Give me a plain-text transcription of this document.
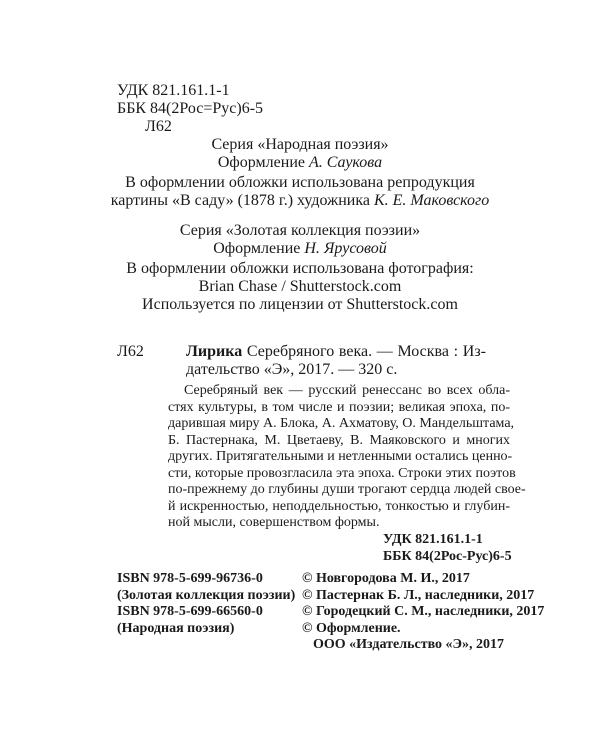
УДК 821.161.1-1
ББК 84(2Рос=Рус)6-5
Л62
Серия «Народная поэзия»
Оформление А. Саукова
В оформлении обложки использована репродукция
картины «В саду» (1878 г.) художника К. Е. Маковского
Серия «Золотая коллекция поэзии»
Оформление Н. Ярусовой
В оформлении обложки использована фотография:
Brian Chase / Shutterstock.com
Используется по лицензии от Shutterstock.com
Л62	Лирика Серебряного века. — Москва : Из-
дательство «Э», 2017. — 320 с.
Серебряный век — русский ренессанс во всех обла-
стях культуры, в том числе и поэзии; великая эпоха, по-
дарившая миру А. Блока, А. Ахматову, О. Мандельштама,
Б. Пастернака, М. Цветаеву, В. Маяковского и многих
других. Притягательными и нетленными остались ценно-
сти, которые провозгласила эта эпоха. Строки этих поэтов
по-прежнему до глубины души трогают сердца людей свое-
й искренностью, неподдельностью, тонкостью и глубин-
ной мысли, совершенством формы.
УДК 821.161.1-1
ББК 84(2Рос-Рус)6-5
ISBN 978-5-699-96736-0
(Золотая коллекция поэзии)
ISBN 978-5-699-66560-0
(Народная поэзия)
© Новгородова М. И., 2017
© Пастернак Б. Л., наследники, 2017
© Городецкий С. М., наследники, 2017
© Оформление.
ООО «Издательство «Э», 2017
